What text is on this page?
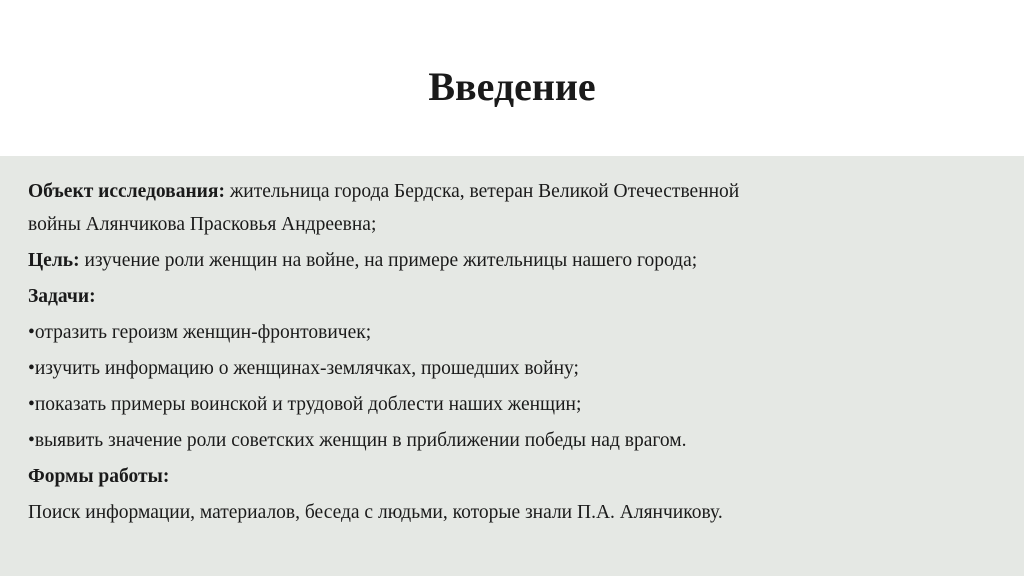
Введение

Объект исследования: жительница города Бердска, ветеран Великой Отечественной

войны Алянчикова Прасковья Андреевна;

Цель: изучение роли женщин на войне, на примере жительницы нашего города;

Задачи:

•отразить героизм женщин-фронтовичек;

•изучить информацию о женщинах-землячках, прошедших войну;

•показать примеры воинской и трудовой доблести наших женщин;

•выявить значение роли советских женщин в приближении победы над врагом.

Формы работы:

Поиск информации, материалов, беседа с людьми, которые знали П.А. Алянчикову.
